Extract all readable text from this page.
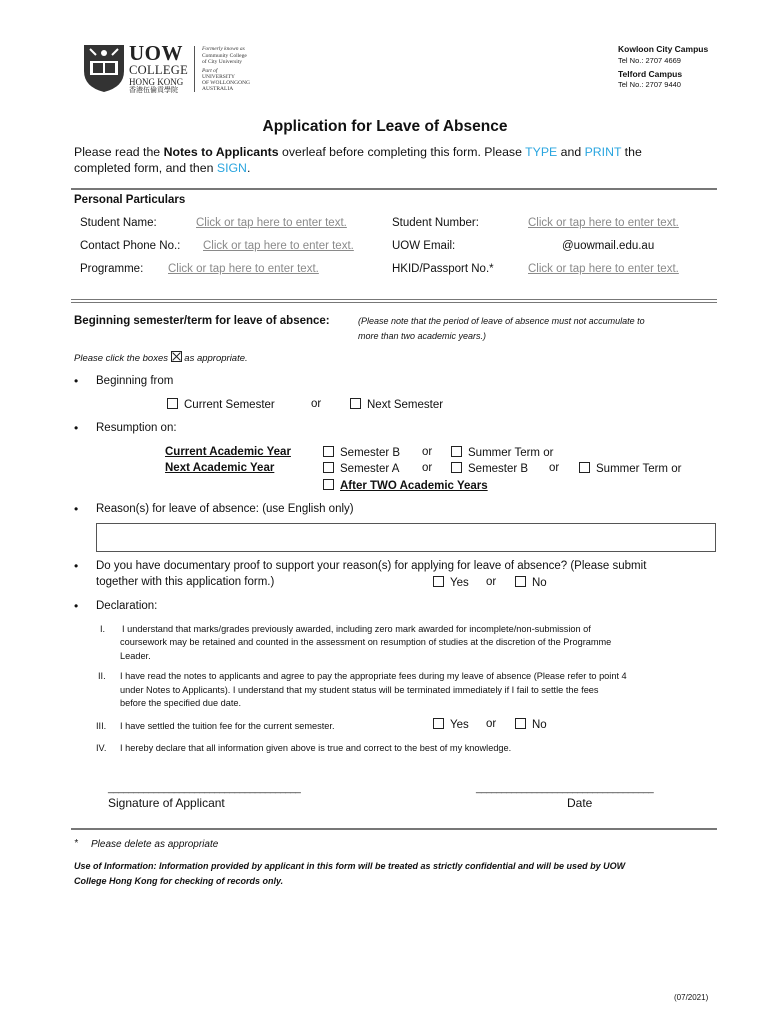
UOW
COLLEGE
HONG KONG
香港伍倫貢學院
Formerly known as
Community College
of City University
Part of
UNIVERSITY
OF WOLLONGONG
AUSTRALIA
Kowloon City Campus
Tel No.: 2707 4669
Telford Campus
Tel No.: 2707 9440
Application for Leave of Absence
Please read the Notes to Applicants overleaf before completing this form. Please TYPE and PRINT the completed form, and then SIGN.
Personal Particulars
Student Name:	Click or tap here to enter text.	Student Number:	Click or tap here to enter text.
Contact Phone No.: Click or tap here to enter text.	UOW Email:	@uowmail.edu.au
Programme: Click or tap here to enter text.	HKID/Passport No.*	Click or tap here to enter text.
Beginning semester/term for leave of absence:	(Please note that the period of leave of absence must not accumulate to
more than two academic years.)
Please click the boxes as appropriate.
• Beginning from
Current Semester	or	Next Semester
• Resumption on:
Current Academic Year	Semester B or	Summer Term or
Next Academic Year	Semester A or	Semester B or	Summer Term or
After TWO Academic Years
• Reason(s) for leave of absence: (use English only)
• Do you have documentary proof to support your reason(s) for applying for leave of absence? (Please submit
together with this application form.)	Yes or	No
• Declaration:
I. I understand that marks/grades previously awarded, including zero mark awarded for incomplete/non-submission of
coursework may be retained and counted in the assessment on resumption of studies at the discretion of the Programme
Leader.
II. I have read the notes to applicants and agree to pay the appropriate fees during my leave of absence (Please refer to point 4
under Notes to Applicants). I understand that my student status will be terminated immediately if I fail to settle the fees
before the specified due date.
III. I have settled the tuition fee for the current semester.	Yes or	No
IV. I hereby declare that all information given above is true and correct to the best of my knowledge.
______________________________________	___________________________________
Signature of Applicant	Date
* Please delete as appropriate
Use of Information: Information provided by applicant in this form will be treated as strictly confidential and will be used by UOW
College Hong Kong for checking of records only.
(07/2021)
